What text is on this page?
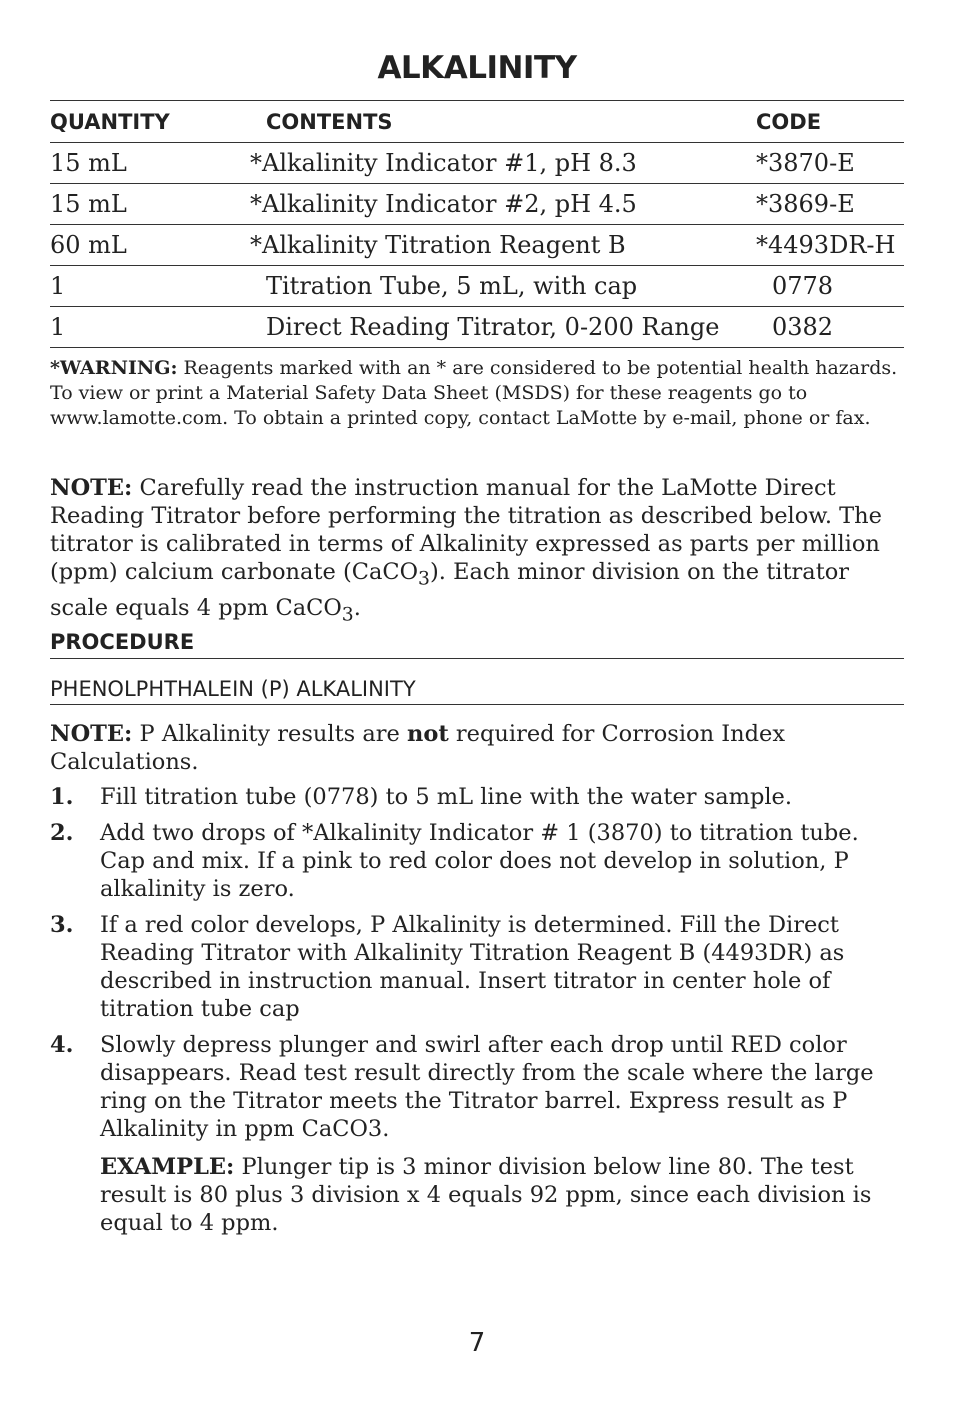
ALKALINITY
QUANTITY	CONTENTS	CODE
15 mL	*Alkalinity Indicator #1, pH 8.3	*3870-E
15 mL	*Alkalinity Indicator #2, pH 4.5	*3869-E
60 mL	*Alkalinity Titration Reagent B	*4493DR-H
1	Titration Tube, 5 mL, with cap	0778
1	Direct Reading Titrator, 0-200 Range	0382

*WARNING: Reagents marked with an * are considered to be potential health hazards. To view or print a Material Safety Data Sheet (MSDS) for these reagents go to www.lamotte.com. To obtain a printed copy, contact LaMotte by e-mail, phone or fax.

NOTE: Carefully read the instruction manual for the LaMotte Direct Reading Titrator before performing the titration as described below. The titrator is calibrated in terms of Alkalinity expressed as parts per million (ppm) calcium carbonate (CaCO$_3$). Each minor division on the titrator scale equals 4 ppm CaCO$_3$.

PROCEDURE
PHENOLPHTHALEIN (P) ALKALINITY

NOTE: P Alkalinity results are not required for Corrosion Index Calculations.

1. Fill titration tube (0778) to 5 mL line with the water sample.
2. Add two drops of *Alkalinity Indicator # 1 (3870) to titration tube. Cap and mix. If a pink to red color does not develop in solution, P alkalinity is zero.
3. If a red color develops, P Alkalinity is determined. Fill the Direct Reading Titrator with Alkalinity Titration Reagent B (4493DR) as described in instruction manual. Insert titrator in center hole of titration tube cap
4. Slowly depress plunger and swirl after each drop until RED color disappears. Read test result directly from the scale where the large ring on the Titrator meets the Titrator barrel. Express result as P Alkalinity in ppm CaCO3.
EXAMPLE: Plunger tip is 3 minor division below line 80. The test result is 80 plus 3 division x 4 equals 92 ppm, since each division is equal to 4 ppm.
7
